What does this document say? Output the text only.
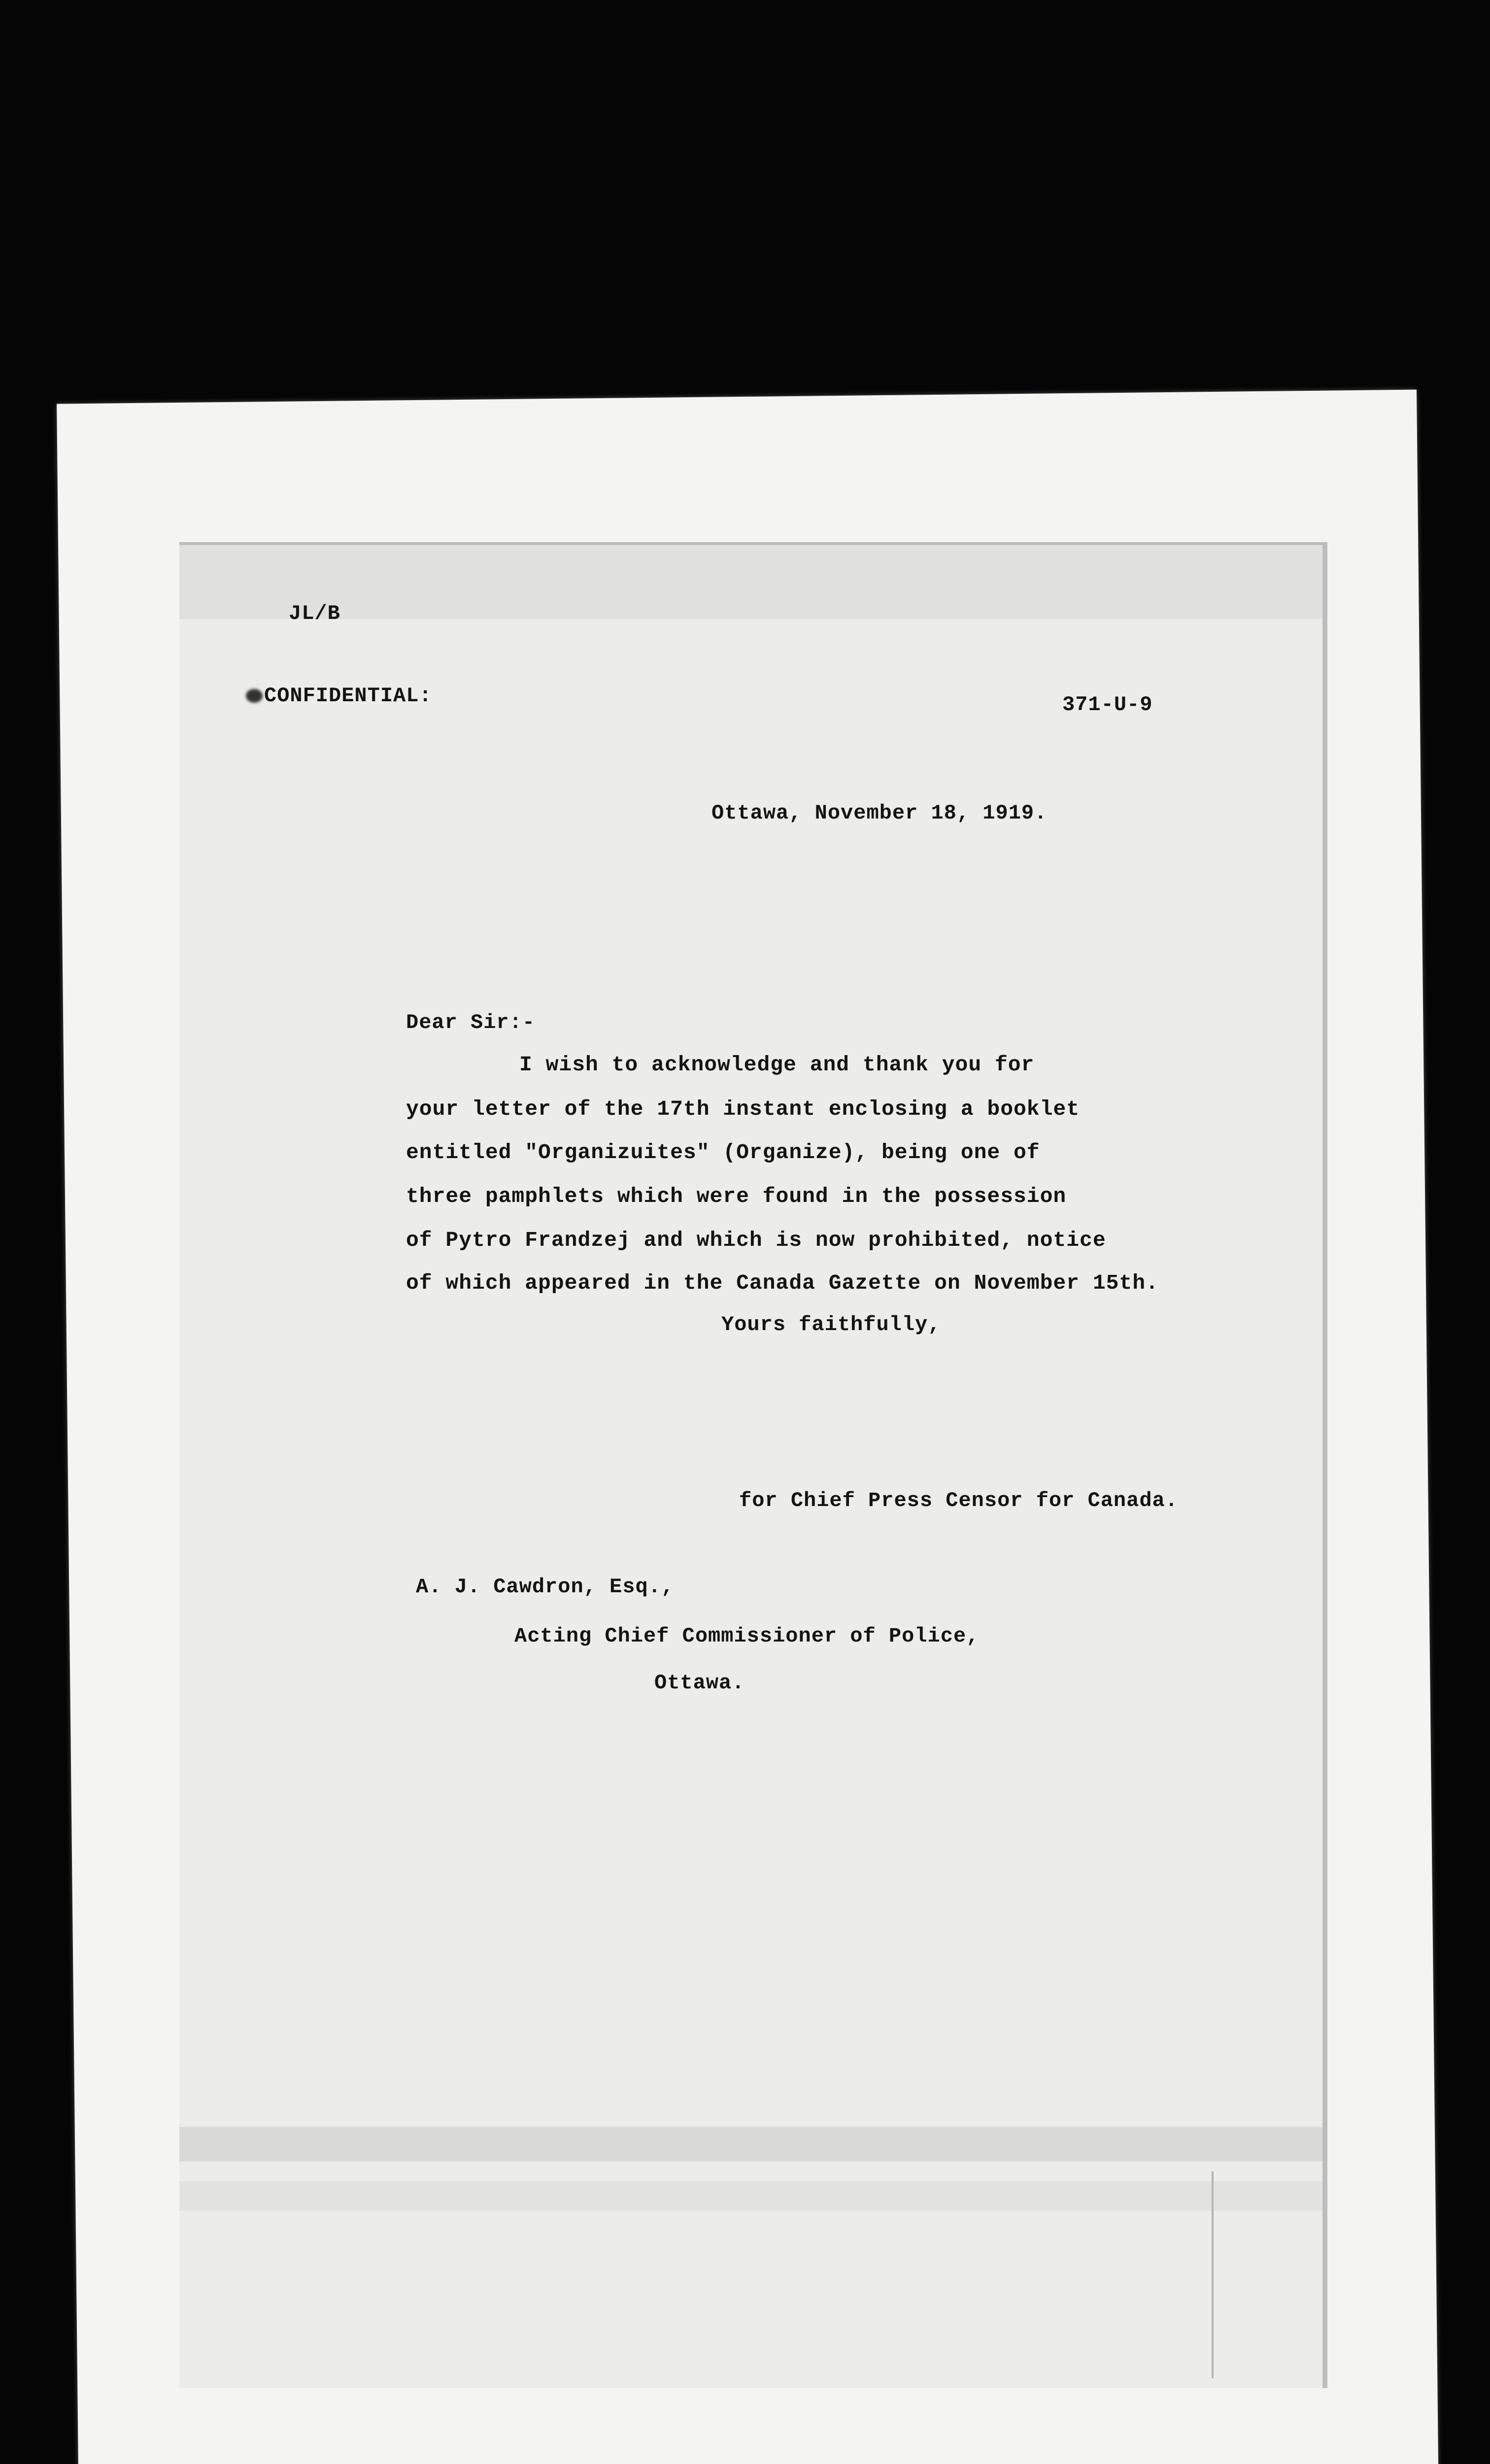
JL/B
CONFIDENTIAL:	371-U-9
Ottawa, November 18, 1919.
Dear Sir:-
I wish to acknowledge and thank you for
your letter of the 17th instant enclosing a booklet
entitled "Organizuites" (Organize), being one of
three pamphlets which were found in the possession
of Pytro Frandzej and which is now prohibited, notice
of which appeared in the Canada Gazette on November 15th.
Yours faithfully,
for Chief Press Censor for Canada.
A. J. Cawdron, Esq.,
Acting Chief Commissioner of Police,
Ottawa.
